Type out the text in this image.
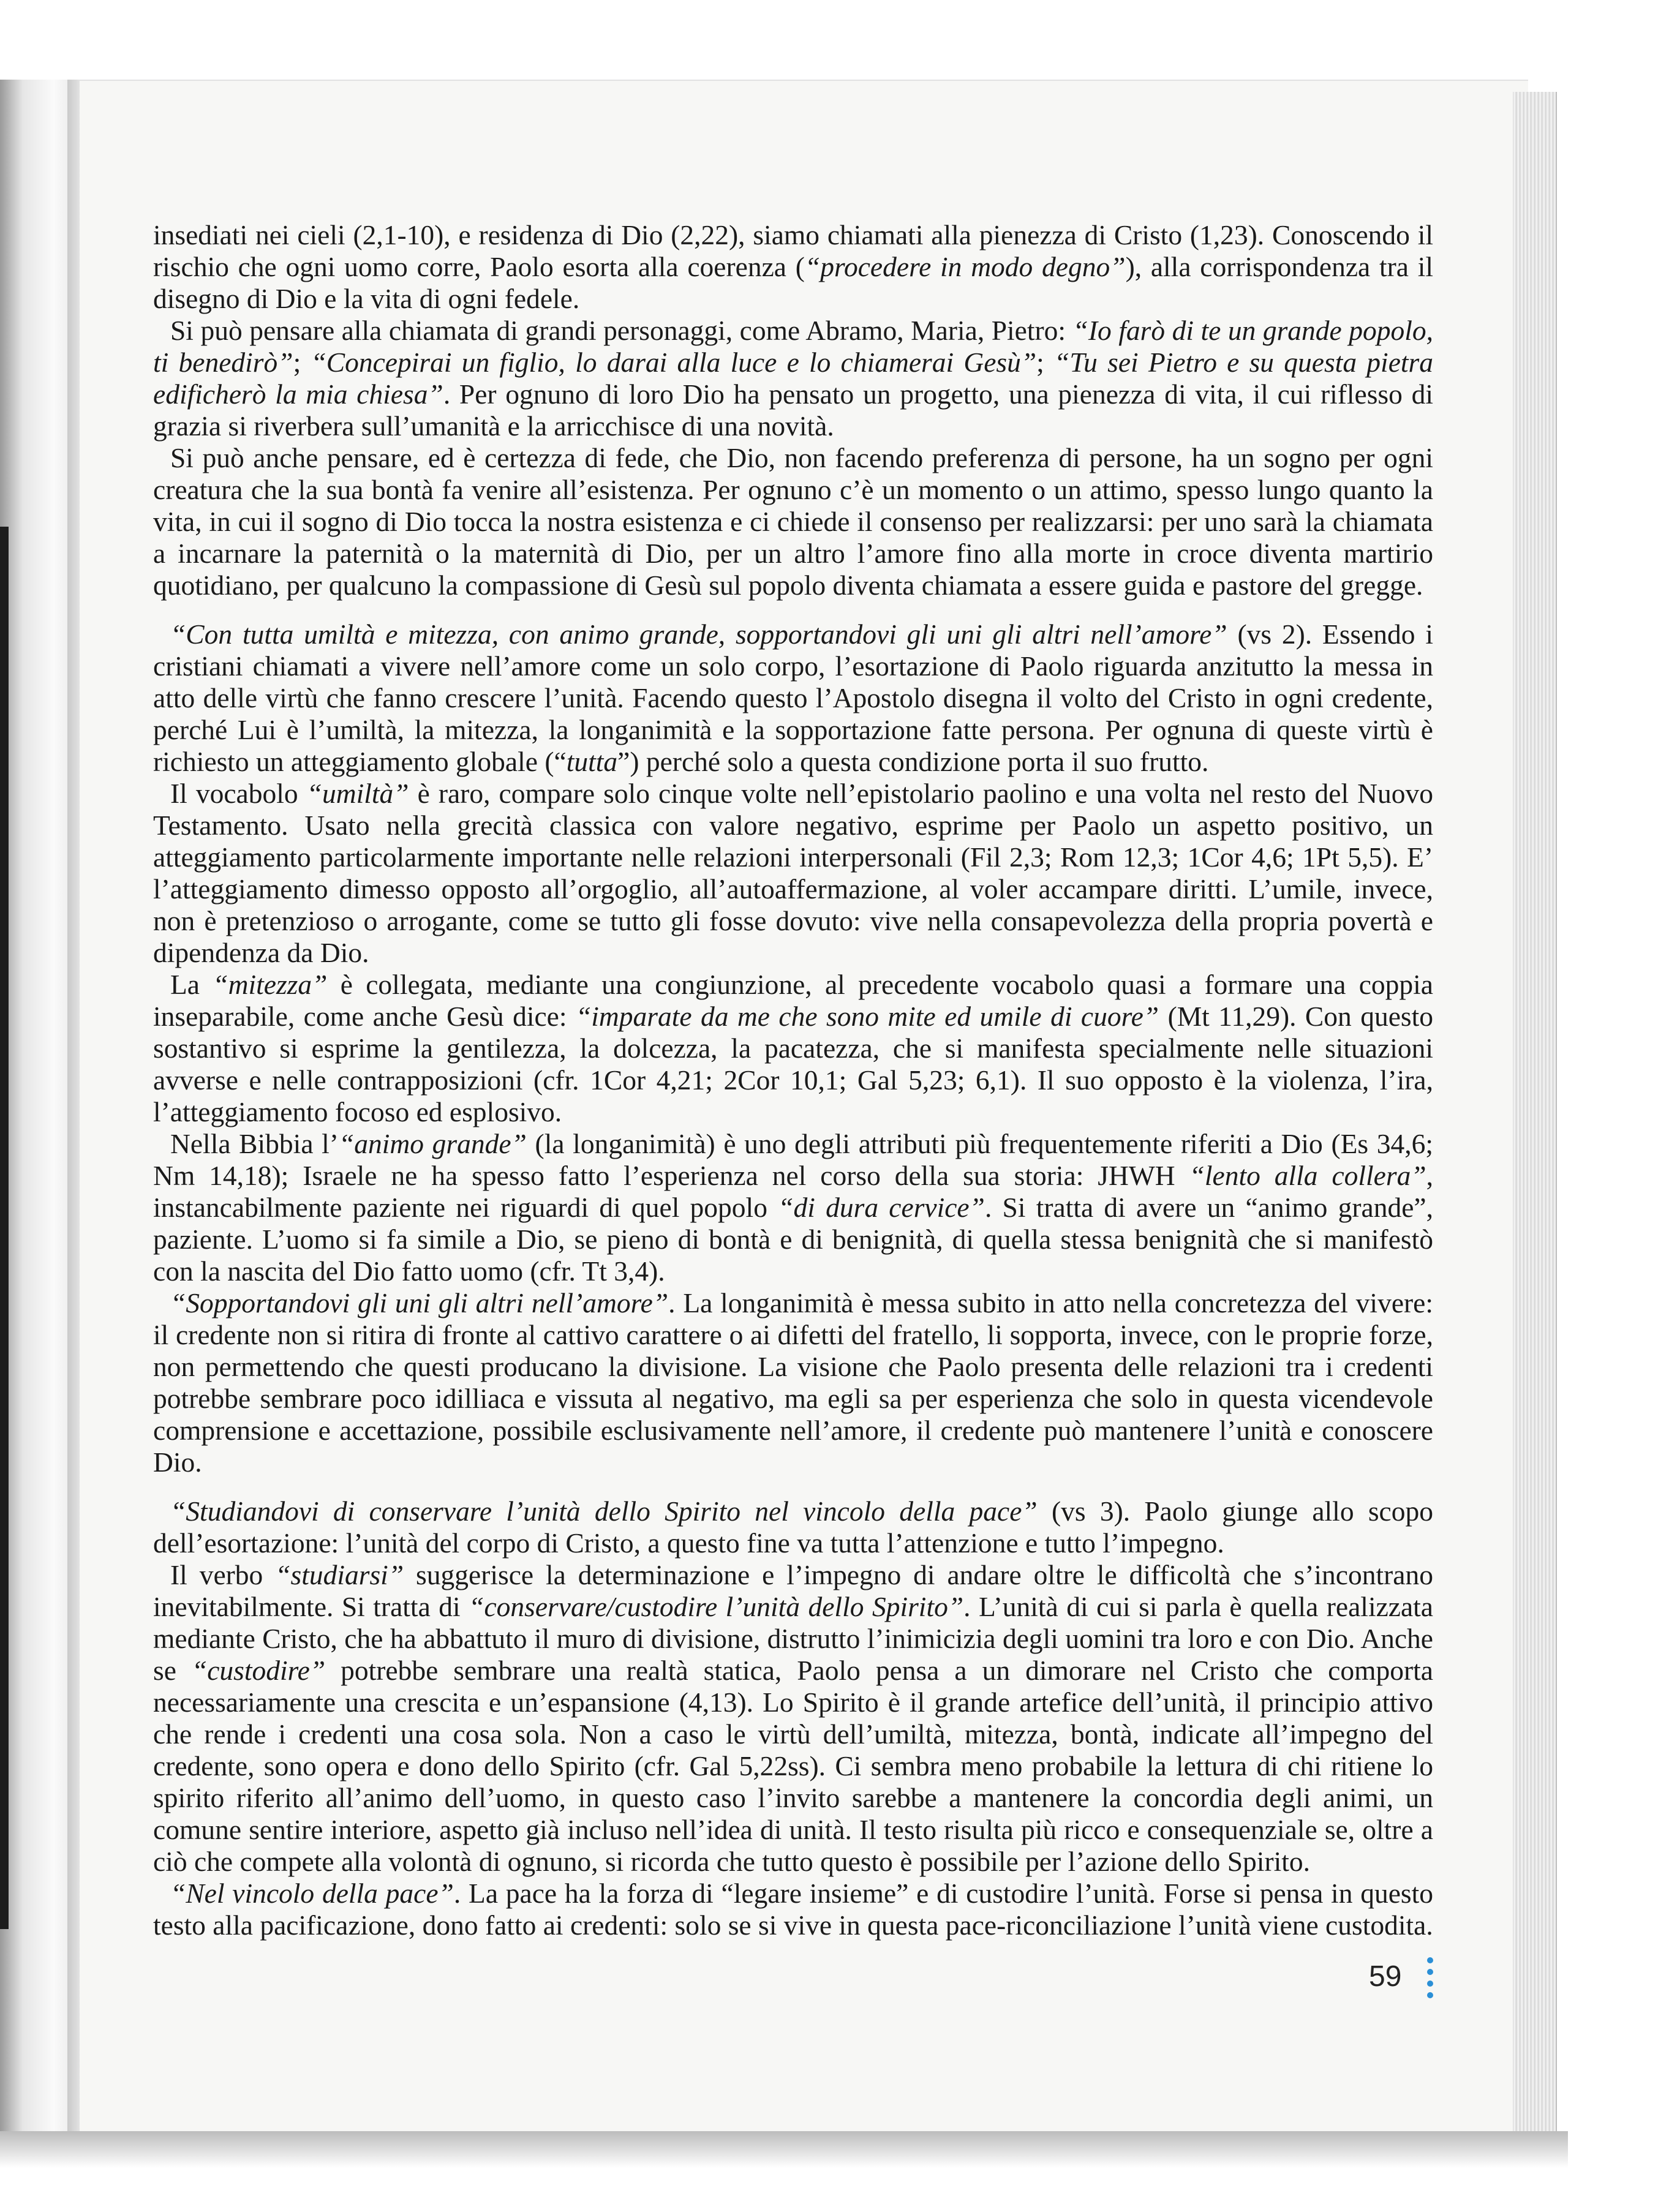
insediati nei cieli (2,1-10), e residenza di Dio (2,22), siamo chiamati alla pienezza di Cristo (1,23). Conoscendo il rischio che ogni uomo corre, Paolo esorta alla coerenza (“procedere in modo degno”), alla corrispondenza tra il disegno di Dio e la vita di ogni fedele.

Si può pensare alla chiamata di grandi personaggi, come Abramo, Maria, Pietro: “Io farò di te un grande popolo, ti benedirò”; “Concepirai un figlio, lo darai alla luce e lo chiamerai Gesù”; “Tu sei Pietro e su questa pietra edificherò la mia chiesa”. Per ognuno di loro Dio ha pensato un progetto, una pienezza di vita, il cui riflesso di grazia si riverbera sull’umanità e la arricchisce di una novità.

Si può anche pensare, ed è certezza di fede, che Dio, non facendo preferenza di persone, ha un sogno per ogni creatura che la sua bontà fa venire all’esistenza. Per ognuno c’è un momento o un attimo, spesso lungo quanto la vita, in cui il sogno di Dio tocca la nostra esistenza e ci chiede il consenso per realizzarsi: per uno sarà la chiamata a incarnare la paternità o la maternità di Dio, per un altro l’amore fino alla morte in croce diventa martirio quotidiano, per qualcuno la compassione di Gesù sul popolo diventa chiamata a essere guida e pastore del gregge.

“Con tutta umiltà e mitezza, con animo grande, sopportandovi gli uni gli altri nell’amore” (vs 2). Essendo i cristiani chiamati a vivere nell’amore come un solo corpo, l’esortazione di Paolo riguarda anzitutto la messa in atto delle virtù che fanno crescere l’unità. Facendo questo l’Apostolo disegna il volto del Cristo in ogni credente, perché Lui è l’umiltà, la mitezza, la longanimità e la sopportazione fatte persona. Per ognuna di queste virtù è richiesto un atteggiamento globale (“tutta”) perché solo a questa condizione porta il suo frutto.

Il vocabolo “umiltà” è raro, compare solo cinque volte nell’epistolario paolino e una volta nel resto del Nuovo Testamento. Usato nella grecità classica con valore negativo, esprime per Paolo un aspetto positivo, un atteggiamento particolarmente importante nelle relazioni interpersonali (Fil 2,3; Rom 12,3; 1Cor 4,6; 1Pt 5,5). E’ l’atteggiamento dimesso opposto all’orgoglio, all’autoaffermazione, al voler accampare diritti. L’umile, invece, non è pretenzioso o arrogante, come se tutto gli fosse dovuto: vive nella consapevolezza della propria povertà e dipendenza da Dio.

La “mitezza” è collegata, mediante una congiunzione, al precedente vocabolo quasi a formare una coppia inseparabile, come anche Gesù dice: “imparate da me che sono mite ed umile di cuore” (Mt 11,29). Con questo sostantivo si esprime la gentilezza, la dolcezza, la pacatezza, che si manifesta specialmente nelle situazioni avverse e nelle contrapposizioni (cfr. 1Cor 4,21; 2Cor 10,1; Gal 5,23; 6,1). Il suo opposto è la violenza, l’ira, l’atteggiamento focoso ed esplosivo.

Nella Bibbia l’“animo grande” (la longanimità) è uno degli attributi più frequentemente riferiti a Dio (Es 34,6; Nm 14,18); Israele ne ha spesso fatto l’esperienza nel corso della sua storia: JHWH “lento alla collera”, instancabilmente paziente nei riguardi di quel popolo “di dura cervice”. Si tratta di avere un “animo grande”, paziente. L’uomo si fa simile a Dio, se pieno di bontà e di benignità, di quella stessa benignità che si manifestò con la nascita del Dio fatto uomo (cfr. Tt 3,4).

“Sopportandovi gli uni gli altri nell’amore”. La longanimità è messa subito in atto nella concretezza del vivere: il credente non si ritira di fronte al cattivo carattere o ai difetti del fratello, li sopporta, invece, con le proprie forze, non permettendo che questi producano la divisione. La visione che Paolo presenta delle relazioni tra i credenti potrebbe sembrare poco idilliaca e vissuta al negativo, ma egli sa per esperienza che solo in questa vicendevole comprensione e accettazione, possibile esclusivamente nell’amore, il credente può mantenere l’unità e conoscere Dio.

“Studiandovi di conservare l’unità dello Spirito nel vincolo della pace” (vs 3). Paolo giunge allo scopo dell’esortazione: l’unità del corpo di Cristo, a questo fine va tutta l’attenzione e tutto l’impegno.

Il verbo “studiarsi” suggerisce la determinazione e l’impegno di andare oltre le difficoltà che s’incontrano inevitabilmente. Si tratta di “conservare/custodire l’unità dello Spirito”. L’unità di cui si parla è quella realizzata mediante Cristo, che ha abbattuto il muro di divisione, distrutto l’inimicizia degli uomini tra loro e con Dio. Anche se “custodire” potrebbe sembrare una realtà statica, Paolo pensa a un dimorare nel Cristo che comporta necessariamente una crescita e un’espansione (4,13). Lo Spirito è il grande artefice dell’unità, il principio attivo che rende i credenti una cosa sola. Non a caso le virtù dell’umiltà, mitezza, bontà, indicate all’impegno del credente, sono opera e dono dello Spirito (cfr. Gal 5,22ss). Ci sembra meno probabile la lettura di chi ritiene lo spirito riferito all’animo dell’uomo, in questo caso l’invito sarebbe a mantenere la concordia degli animi, un comune sentire interiore, aspetto già incluso nell’idea di unità. Il testo risulta più ricco e consequenziale se, oltre a ciò che compete alla volontà di ognuno, si ricorda che tutto questo è possibile per l’azione dello Spirito.

“Nel vincolo della pace”. La pace ha la forza di “legare insieme” e di custodire l’unità. Forse si pensa in questo testo alla pacificazione, dono fatto ai credenti: solo se si vive in questa pace-riconciliazione l’unità viene custodita.

59
